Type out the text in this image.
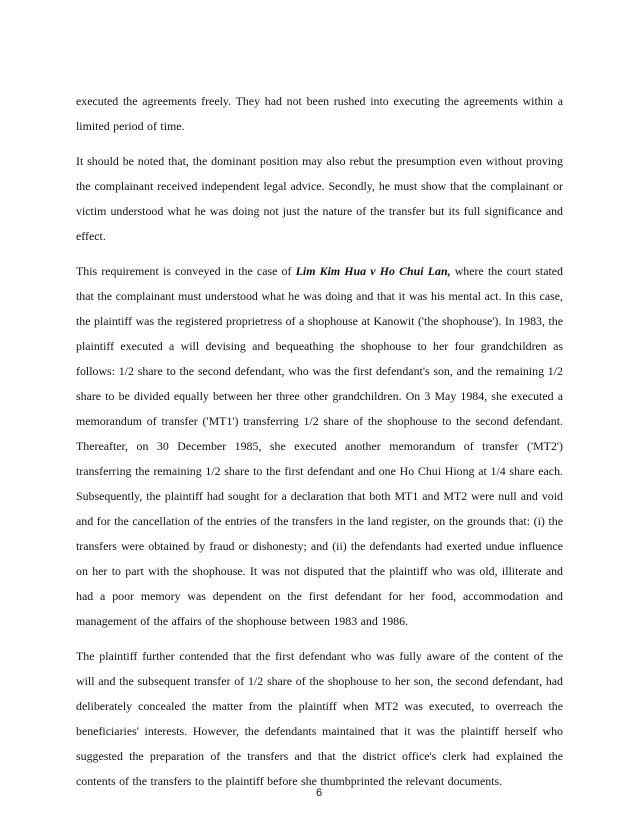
executed the agreements freely. They had not been rushed into executing the agreements within a limited period of time.

It should be noted that, the dominant position may also rebut the presumption even without proving the complainant received independent legal advice. Secondly, he must show that the complainant or victim understood what he was doing not just the nature of the transfer but its full significance and effect.

This requirement is conveyed in the case of Lim Kim Hua v Ho Chui Lan, where the court stated that the complainant must understood what he was doing and that it was his mental act. In this case, the plaintiff was the registered proprietress of a shophouse at Kanowit ('the shophouse'). In 1983, the plaintiff executed a will devising and bequeathing the shophouse to her four grandchildren as follows: 1/2 share to the second defendant, who was the first defendant's son, and the remaining 1/2 share to be divided equally between her three other grandchildren. On 3 May 1984, she executed a memorandum of transfer ('MT1') transferring 1/2 share of the shophouse to the second defendant. Thereafter, on 30 December 1985, she executed another memorandum of transfer ('MT2') transferring the remaining 1/2 share to the first defendant and one Ho Chui Hiong at 1/4 share each. Subsequently, the plaintiff had sought for a declaration that both MT1 and MT2 were null and void and for the cancellation of the entries of the transfers in the land register, on the grounds that: (i) the transfers were obtained by fraud or dishonesty; and (ii) the defendants had exerted undue influence on her to part with the shophouse. It was not disputed that the plaintiff who was old, illiterate and had a poor memory was dependent on the first defendant for her food, accommodation and management of the affairs of the shophouse between 1983 and 1986.

The plaintiff further contended that the first defendant who was fully aware of the content of the will and the subsequent transfer of 1/2 share of the shophouse to her son, the second defendant, had deliberately concealed the matter from the plaintiff when MT2 was executed, to overreach the beneficiaries' interests. However, the defendants maintained that it was the plaintiff herself who suggested the preparation of the transfers and that the district office's clerk had explained the contents of the transfers to the plaintiff before she thumbprinted the relevant documents.

6
